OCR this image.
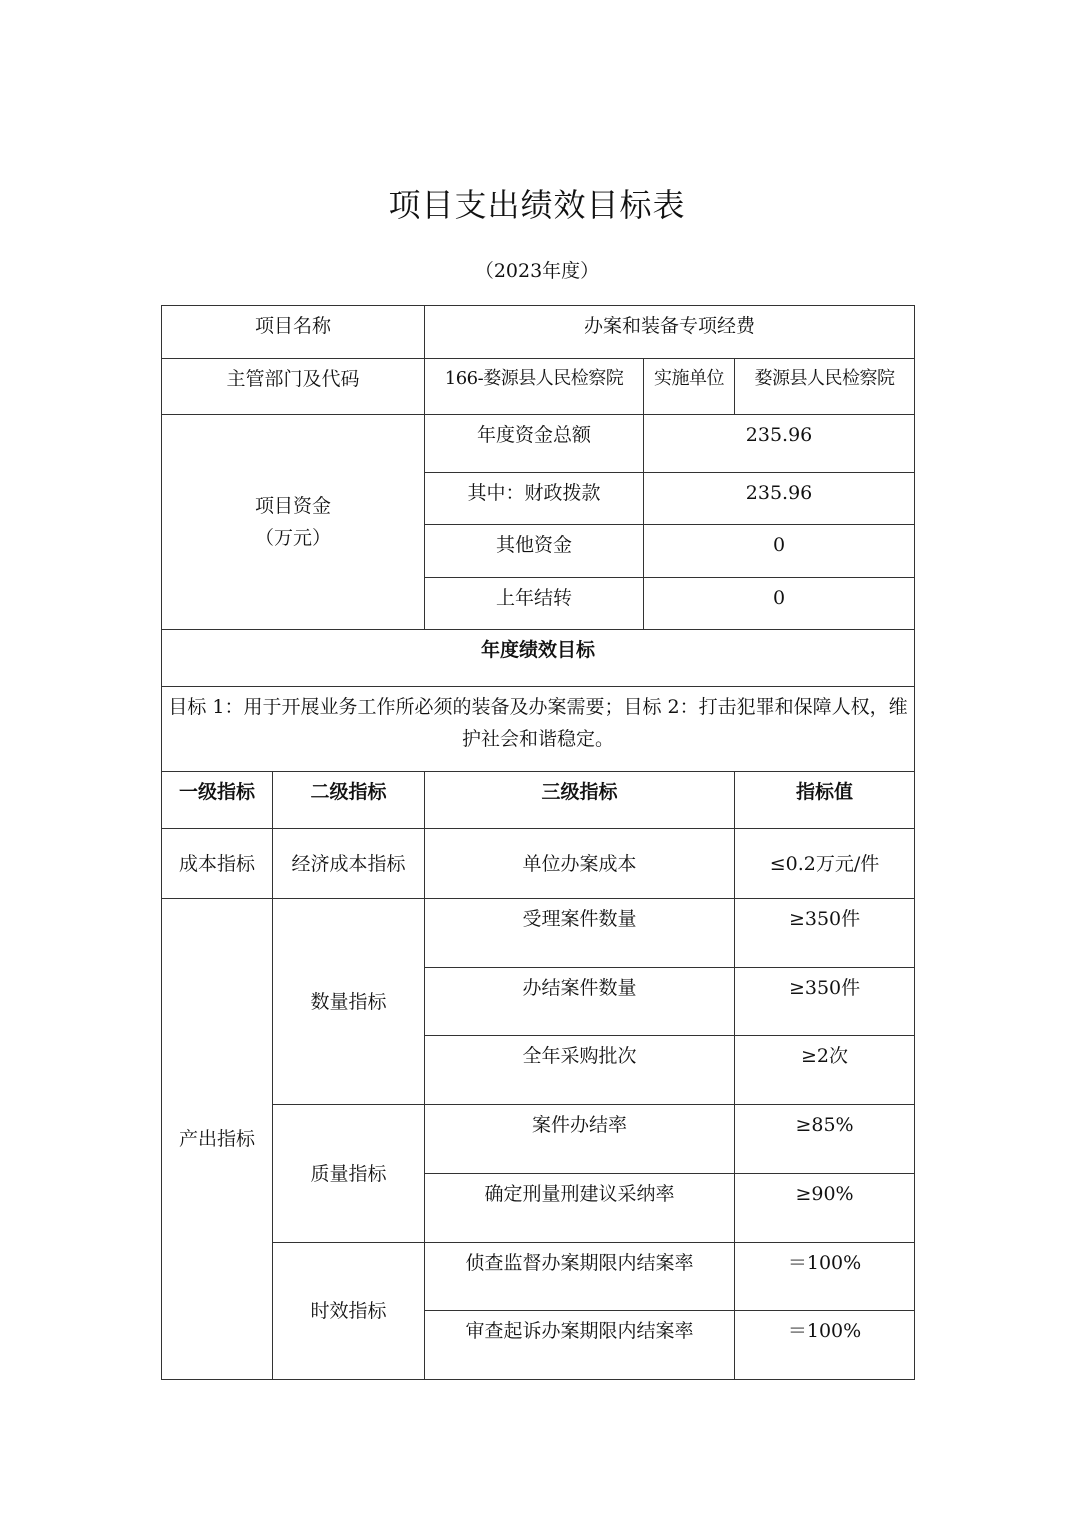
项目支出绩效目标表
（2023年度）
项目名称		办案和装备专项经费		
主管部门及代码		166-婺源县人民检察院	实施单位	婺源县人民检察院

项目资金
（万元）		年度资金总额	235.96	
		其中：财政拨款	235.96	
		其他资金	0	
		上年结转	0	
年度绩效目标				
目标 1：用于开展业务工作所必须的装备及办案需要；目标 2：打击犯罪和保障人权，维护社会和谐稳定。				
一级指标	二级指标	三级指标		指标值
成本指标	经济成本指标	单位办案成本		≤0.2万元/件
产出指标	数量指标	受理案件数量		≥350件
		办结案件数量		≥350件
		全年采购批次		≥2次
	质量指标	案件办结率		≥85%
		确定刑量刑建议采纳率		≥90%
	时效指标	侦查监督办案期限内结案率		＝100%
		审查起诉办案期限内结案率		＝100%
